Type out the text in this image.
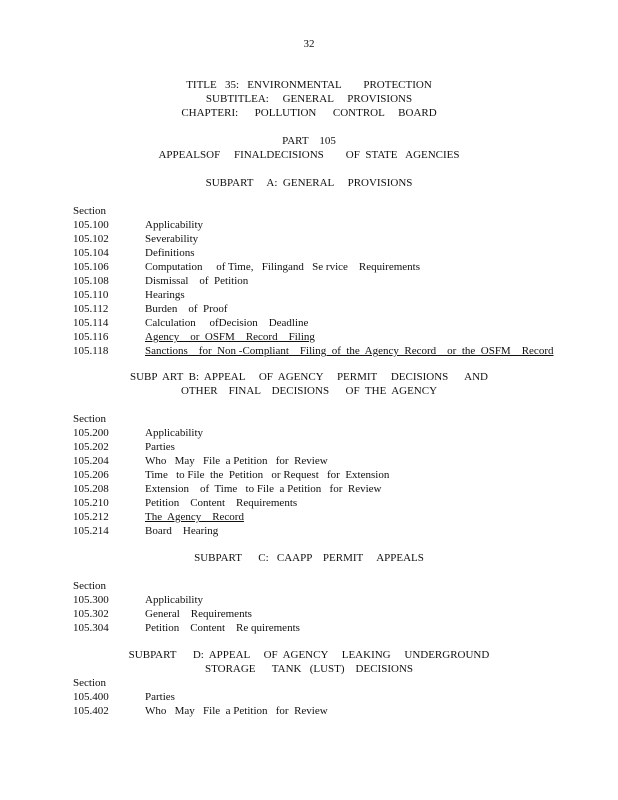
32
TITLE   35:   ENVIRONMENTAL        PROTECTION
SUBTITLEA:     GENERAL     PROVISIONS
CHAPTERI:      POLLUTION      CONTROL     BOARD
PART    105
APPEALSOF     FINALDECISIONS        OF  STATE   AGENCIES
SUBPART     A:  GENERAL     PROVISIONS
Section
105.100	Applicability
105.102	Severability
105.104	Definitions
105.106	Computation     of Time,   Filingand   Se rvice    Requirements
105.108	Dismissal    of  Petition
105.110	Hearings
105.112	Burden    of  Proof
105.114	Calculation     ofDecision    Deadline
105.116	Agency    or  OSFM    Record    Filing
105.118	Sanctions    for  Non -Compliant    Filing  of  the  Agency  Record    or  the  OSFM    Record
SUBP  ART  B:  APPEAL     OF  AGENCY     PERMIT     DECISIONS      AND
OTHER    FINAL    DECISIONS      OF  THE  AGENCY
Section
105.200	Applicability
105.202	Parties
105.204	Who   May   File  a Petition   for  Review
105.206	Time   to File  the  Petition   or Request   for  Extension
105.208	Extension    of  Time   to File  a Petition   for  Review
105.210	Petition    Content    Requirements
105.212	The  Agency    Record
105.214	Board    Hearing
SUBPART      C:   CAAPP    PERMIT     APPEALS
Section
105.300	Applicability
105.302	General    Requirements
105.304	Petition    Content    Re quirements
SUBPART      D:  APPEAL     OF  AGENCY     LEAKING     UNDERGROUND
STORAGE      TANK   (LUST)    DECISIONS
Section
105.400	Parties
105.402	Who   May   File  a Petition   for  Review
